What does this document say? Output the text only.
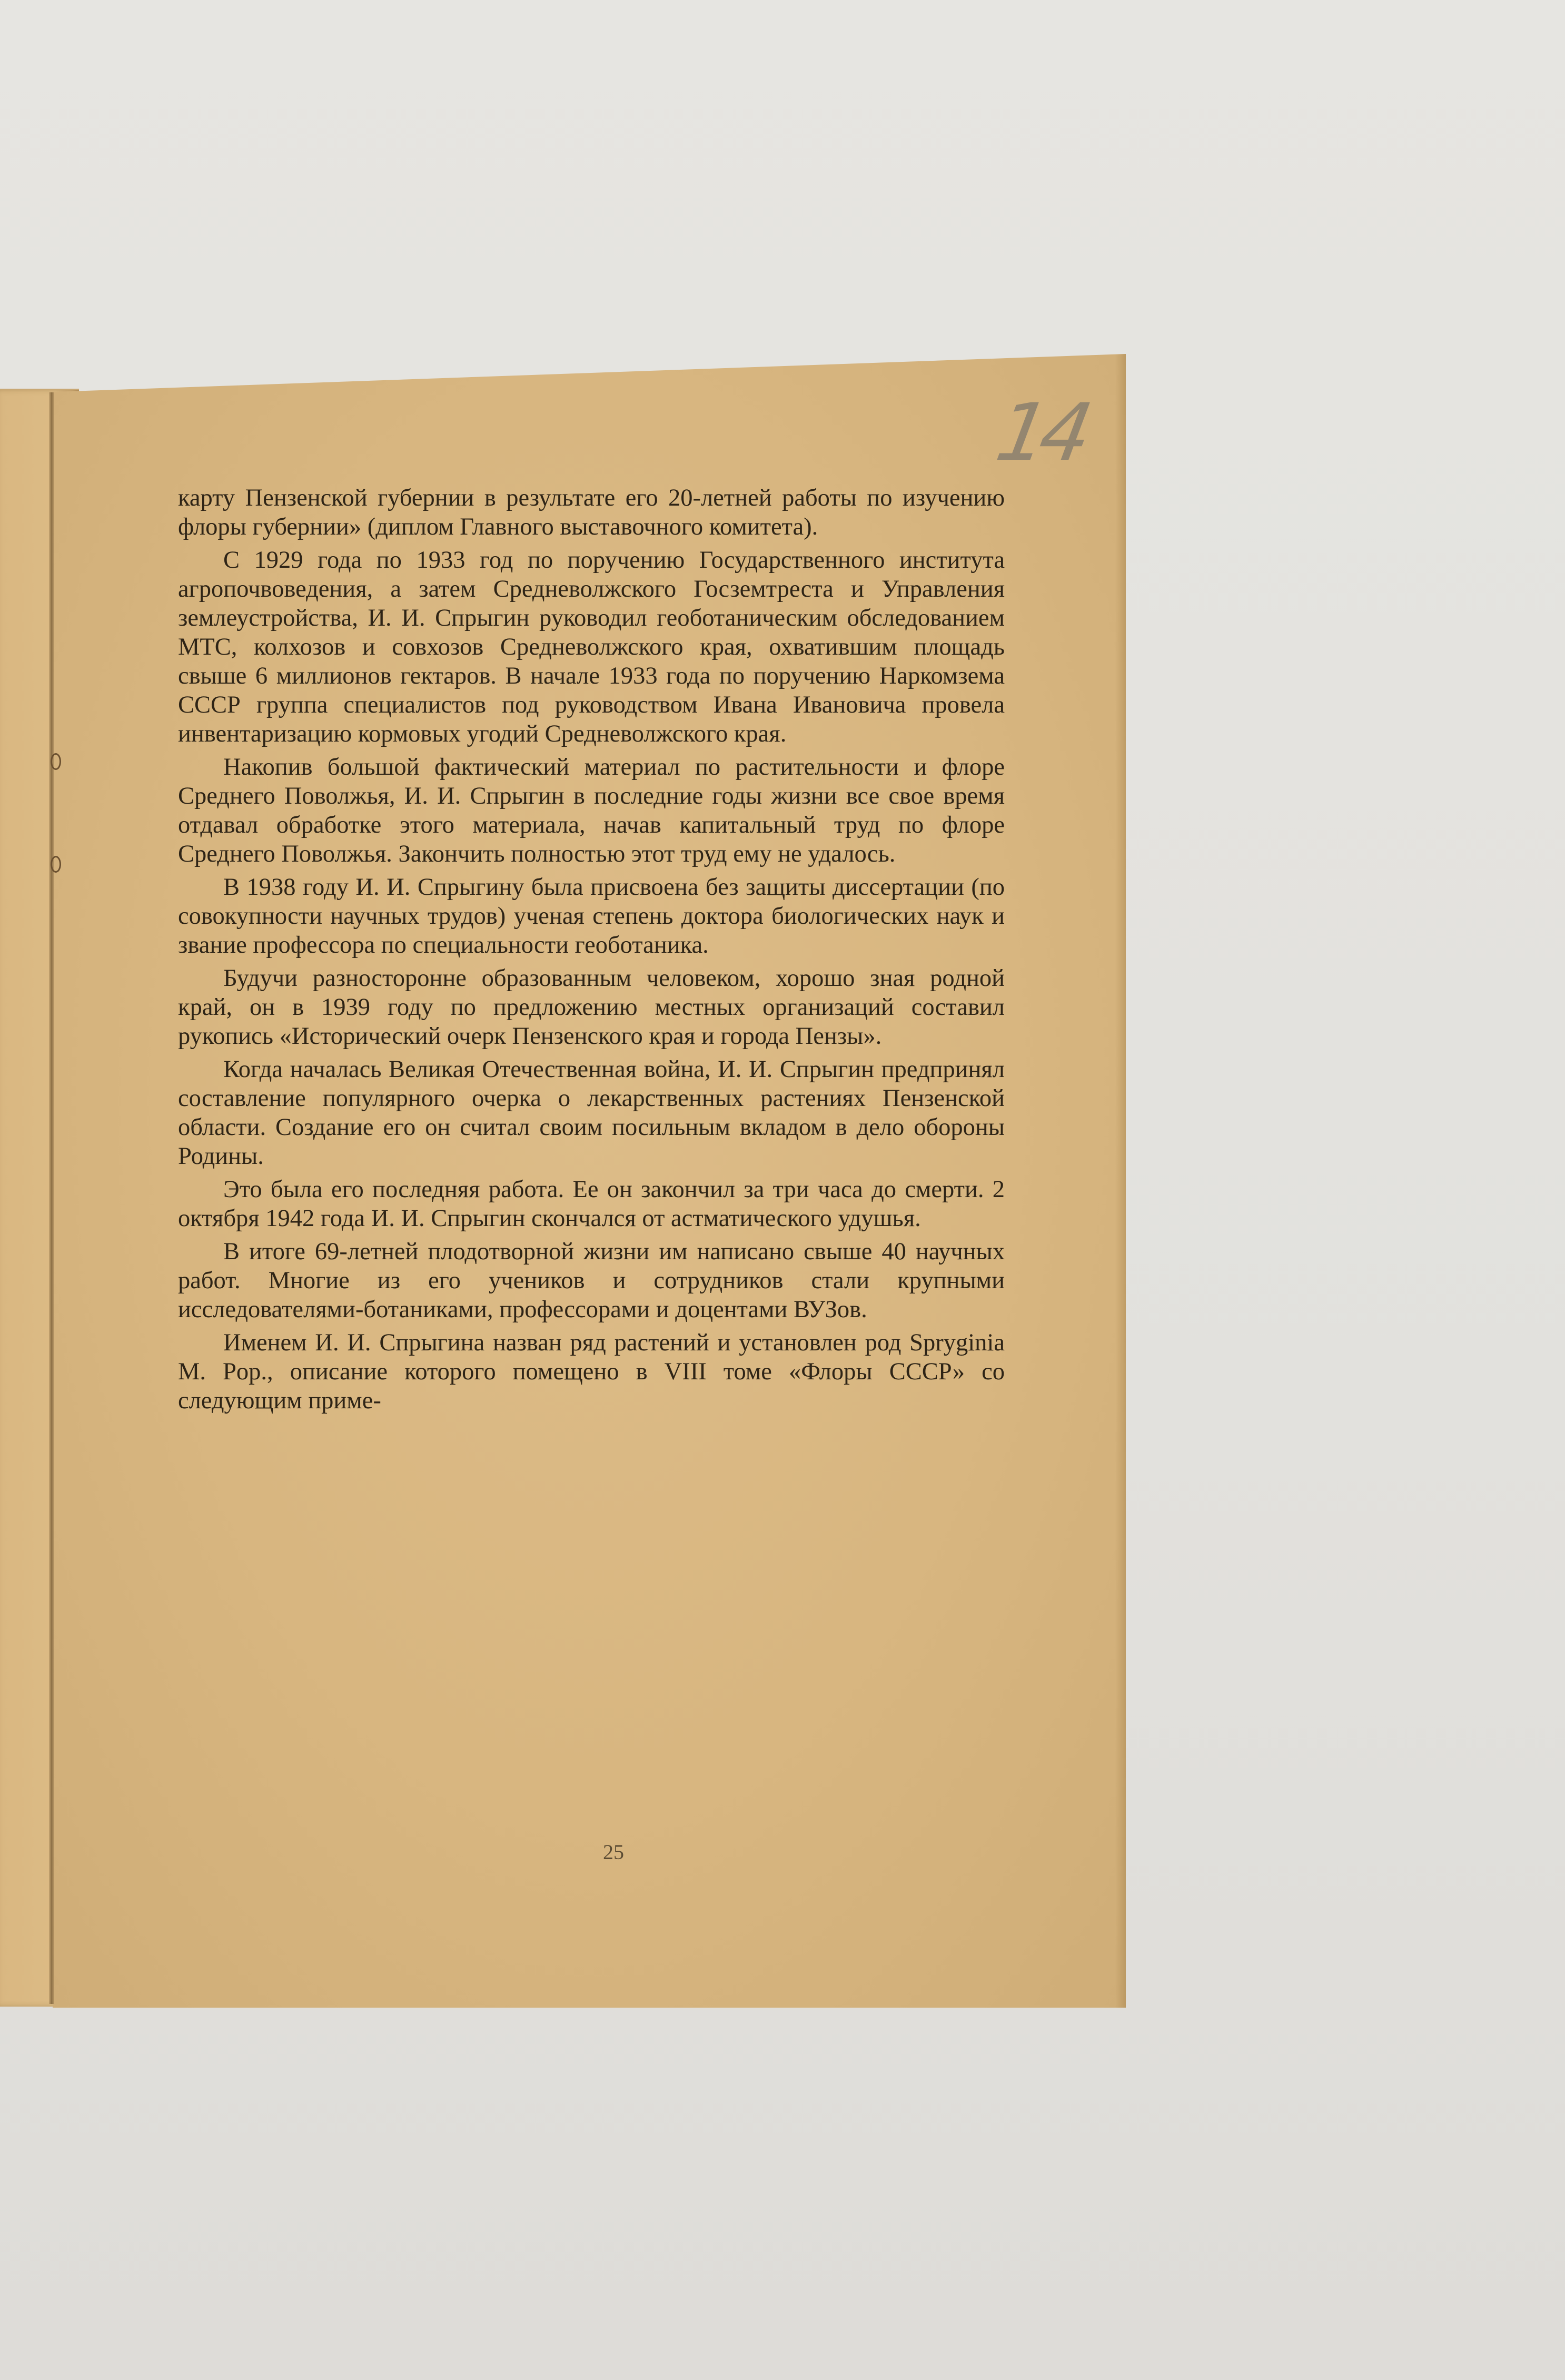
14

карту Пензенской губернии в результате его 20-летней работы по изучению флоры губернии» (диплом Главного выставочного комитета).

С 1929 года по 1933 год по поручению Государственного института агропочвоведения, а затем Средневолжского Госземтреста и Управления землеустройства, И. И. Спрыгин руководил геоботаническим обследованием МТС, колхозов и совхозов Средневолжского края, охватившим площадь свыше 6 миллионов гектаров. В начале 1933 года по поручению Наркомзема СССР группа специалистов под руководством Ивана Ивановича провела инвентаризацию кормовых угодий Средневолжского края.

Накопив большой фактический материал по растительности и флоре Среднего Поволжья, И. И. Спрыгин в последние годы жизни все свое время отдавал обработке этого материала, начав капитальный труд по флоре Среднего Поволжья. Закончить полностью этот труд ему не удалось.

В 1938 году И. И. Спрыгину была присвоена без защиты диссертации (по совокупности научных трудов) ученая степень доктора биологических наук и звание профессора по специальности геоботаника.

Будучи разносторонне образованным человеком, хорошо зная родной край, он в 1939 году по предложению местных организаций составил рукопись «Исторический очерк Пензенского края и города Пензы».

Когда началась Великая Отечественная война, И. И. Спрыгин предпринял составление популярного очерка о лекарственных растениях Пензенской области. Создание его он считал своим посильным вкладом в дело обороны Родины.

Это была его последняя работа. Ее он закончил за три часа до смерти. 2 октября 1942 года И. И. Спрыгин скончался от астматического удушья.

В итоге 69-летней плодотворной жизни им написано свыше 40 научных работ. Многие из его учеников и сотрудников стали крупными исследователями-ботаниками, профессорами и доцентами ВУЗов.

Именем И. И. Спрыгина назван ряд растений и установлен род Sprуginia M. Pop., описание которого помещено в VIII томе «Флоры СССР» со следующим приме-

25
